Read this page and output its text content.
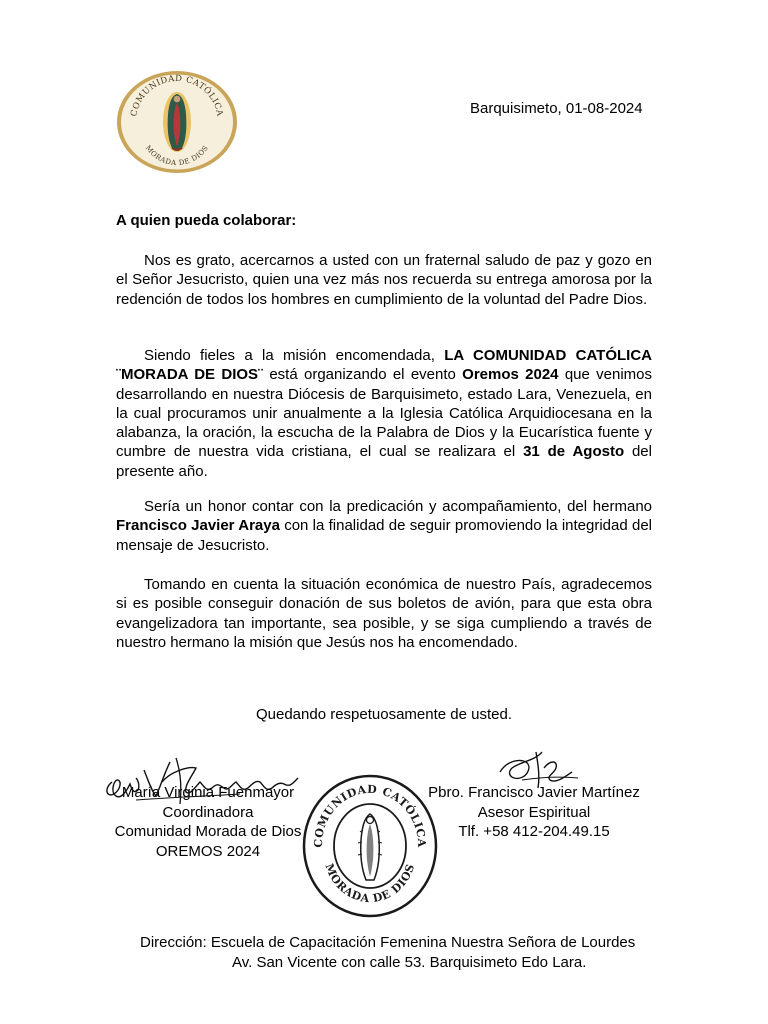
COMUNIDAD CATÓLICA
MORADA DE DIOS
Barquisimeto, 01-08-2024
A quien pueda colaborar:

Nos es grato, acercarnos a usted con un fraternal saludo de paz y gozo en el Señor Jesucristo, quien una vez más nos recuerda su entrega amorosa por la redención de todos los hombres en cumplimiento de la voluntad del Padre Dios.

Siendo fieles a la misión encomendada, LA COMUNIDAD CATÓLICA ¨MORADA DE DIOS¨ está organizando el evento Oremos 2024 que venimos desarrollando en nuestra Diócesis de Barquisimeto, estado Lara, Venezuela, en la cual procuramos unir anualmente a la Iglesia Católica Arquidiocesana en la alabanza, la oración, la escucha de la Palabra de Dios y la Eucarística fuente y cumbre de nuestra vida cristiana, el cual se realizara el 31 de Agosto del presente año.

Sería un honor contar con la predicación y acompañamiento, del hermano Francisco Javier Araya con la finalidad de seguir promoviendo la integridad del mensaje de Jesucristo.

Tomando en cuenta la situación económica de nuestro País, agradecemos si es posible conseguir donación de sus boletos de avión, para que esta obra evangelizadora tan importante, sea posible, y se siga cumpliendo a través de nuestro hermano la misión que Jesús nos ha encomendado.

Quedando respetuosamente de usted.
María Virginia Fuenmayor
Coordinadora
Comunidad Morada de Dios
OREMOS 2024
Pbro. Francisco Javier Martínez
Asesor Espiritual
Tlf. +58 412-204.49.15
COMUNIDAD CATÓLICA
MORADA DE DIOS
Dirección: Escuela de Capacitación Femenina Nuestra Señora de Lourdes
Av. San Vicente con calle 53. Barquisimeto Edo Lara.
